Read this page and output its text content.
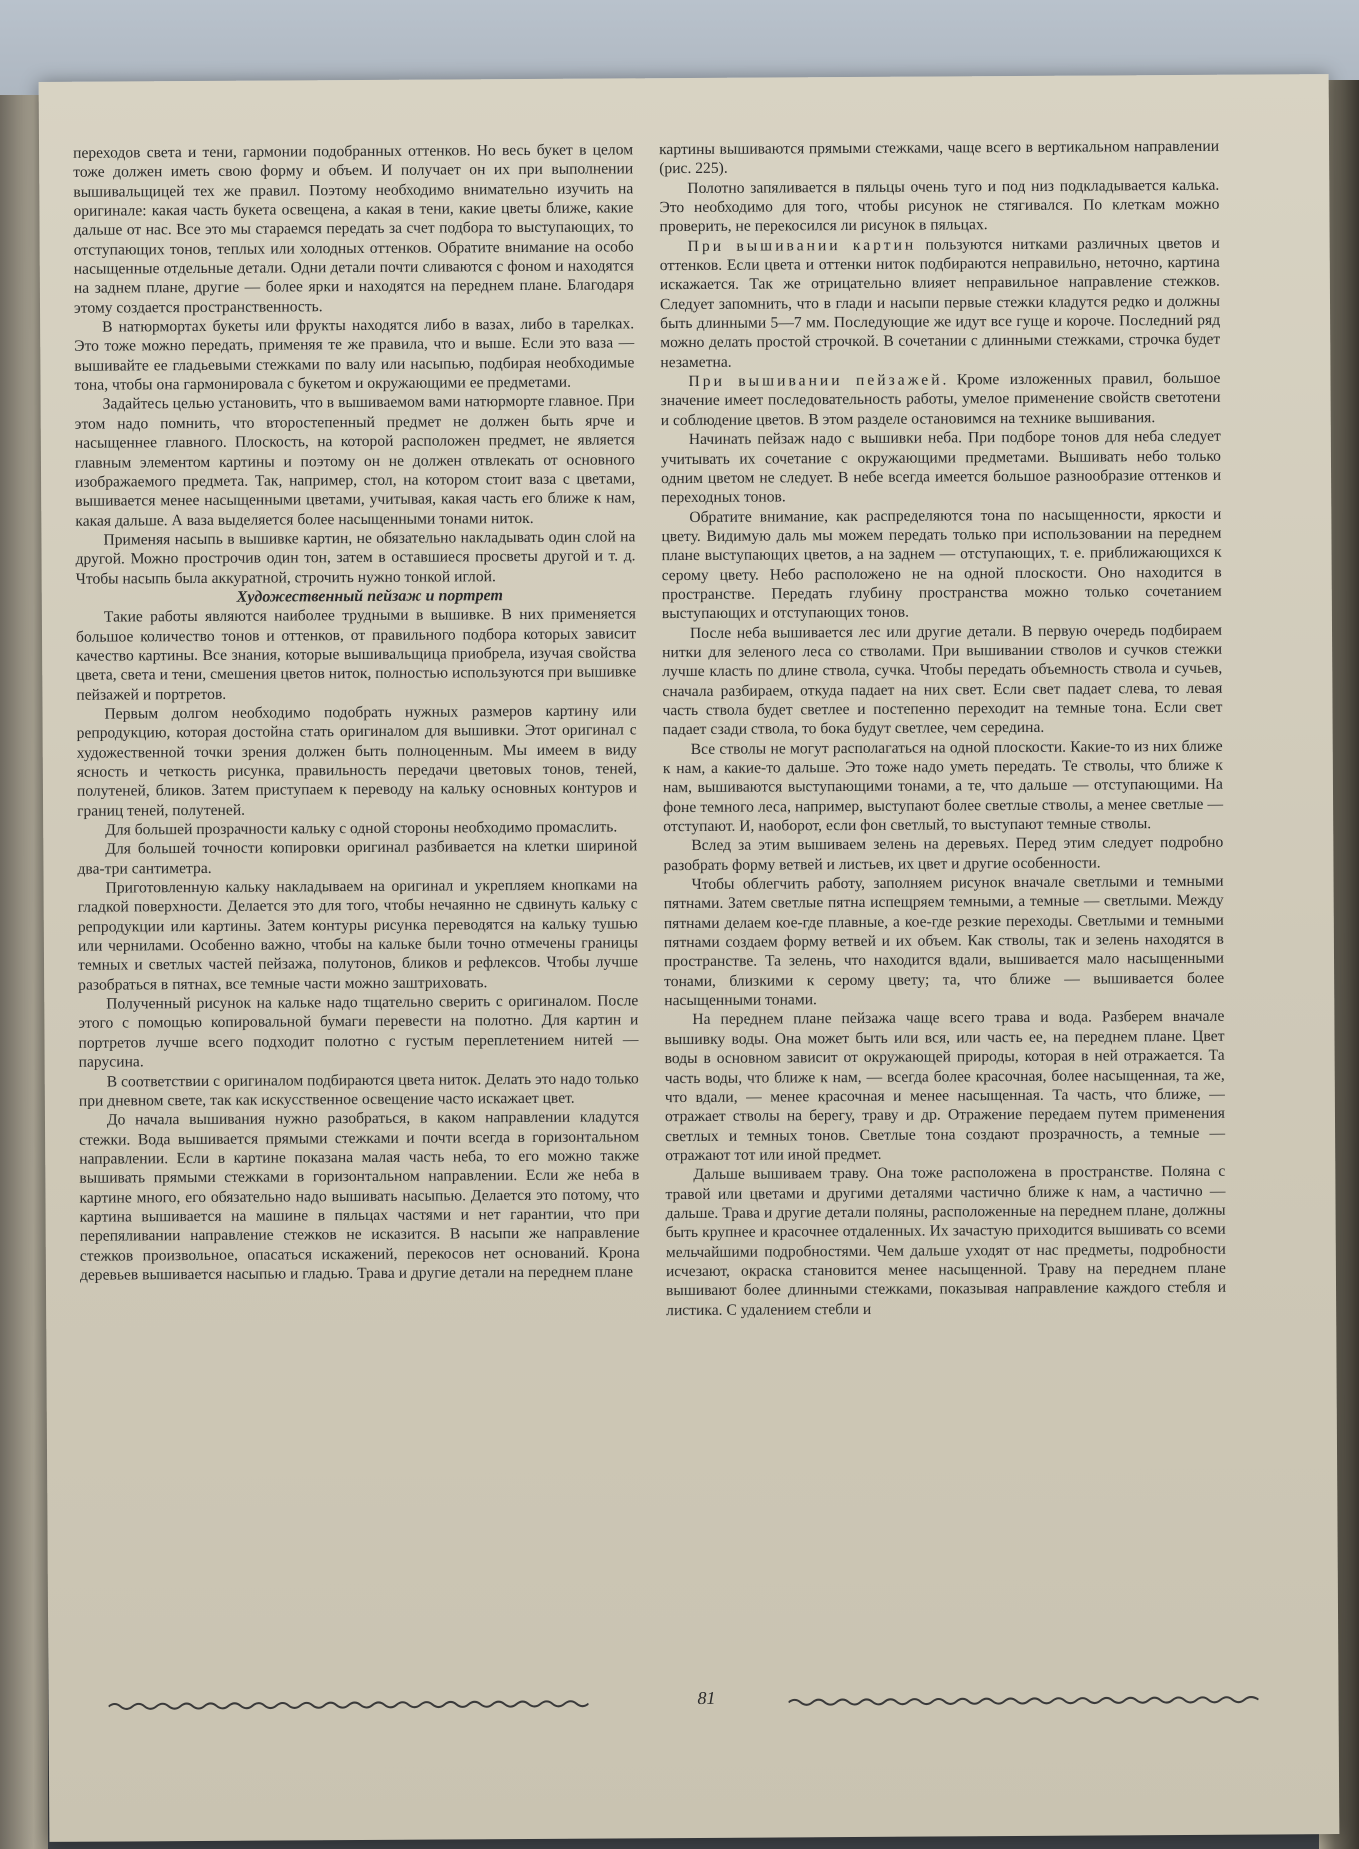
переходов света и тени, гармонии подобранных оттенков. Но весь букет в целом тоже должен иметь свою форму и объем. И получает он их при выполнении вышивальщицей тех же правил. Поэтому необходимо внимательно изучить на оригинале: какая часть букета освещена, а какая в тени, какие цветы ближе, какие дальше от нас. Все это мы стараемся передать за счет подбора то выступающих, то отступающих тонов, теплых или холодных оттенков. Обратите внимание на особо насыщенные отдельные детали. Одни детали почти сливаются с фоном и находятся на заднем плане, другие — более ярки и находятся на переднем плане. Благодаря этому создается пространственность.

В натюрмортах букеты или фрукты находятся либо в вазах, либо в тарелках. Это тоже можно передать, применяя те же правила, что и выше. Если это ваза — вышивайте ее гладьевыми стежками по валу или насыпью, подбирая необходимые тона, чтобы она гармонировала с букетом и окружающими ее предметами.

Задайтесь целью установить, что в вышиваемом вами натюрморте главное. При этом надо помнить, что второстепенный предмет не должен быть ярче и насыщеннее главного. Плоскость, на которой расположен предмет, не является главным элементом картины и поэтому он не должен отвлекать от основного изображаемого предмета. Так, например, стол, на котором стоит ваза с цветами, вышивается менее насыщенными цветами, учитывая, какая часть его ближе к нам, какая дальше. А ваза выделяется более насыщенными тонами ниток.

Применяя насыпь в вышивке картин, не обязательно накладывать один слой на другой. Можно прострочив один тон, затем в оставшиеся просветы другой и т. д. Чтобы насыпь была аккуратной, строчить нужно тонкой иглой.

Художественный пейзаж и портрет

Такие работы являются наиболее трудными в вышивке. В них применяется большое количество тонов и оттенков, от правильного подбора которых зависит качество картины. Все знания, которые вышивальщица приобрела, изучая свойства цвета, света и тени, смешения цветов ниток, полностью используются при вышивке пейзажей и портретов.

Первым долгом необходимо подобрать нужных размеров картину или репродукцию, которая достойна стать оригиналом для вышивки. Этот оригинал с художественной точки зрения должен быть полноценным. Мы имеем в виду ясность и четкость рисунка, правильность передачи цветовых тонов, теней, полутеней, бликов. Затем приступаем к переводу на кальку основных контуров и границ теней, полутеней.

Для большей прозрачности кальку с одной стороны необходимо промаслить.

Для большей точности копировки оригинал разбивается на клетки шириной два-три сантиметра.

Приготовленную кальку накладываем на оригинал и укрепляем кнопками на гладкой поверхности. Делается это для того, чтобы нечаянно не сдвинуть кальку с репродукции или картины. Затем контуры рисунка переводятся на кальку тушью или чернилами. Особенно важно, чтобы на кальке были точно отмечены границы темных и светлых частей пейзажа, полутонов, бликов и рефлексов. Чтобы лучше разобраться в пятнах, все темные части можно заштриховать.

Полученный рисунок на кальке надо тщательно сверить с оригиналом. После этого с помощью копировальной бумаги перевести на полотно. Для картин и портретов лучше всего подходит полотно с густым переплетением нитей — парусина.

В соответствии с оригиналом подбираются цвета ниток. Делать это надо только при дневном свете, так как искусственное освещение часто искажает цвет.

До начала вышивания нужно разобраться, в каком направлении кладутся стежки. Вода вышивается прямыми стежками и почти всегда в горизонтальном направлении. Если в картине показана малая часть неба, то его можно также вышивать прямыми стежками в горизонтальном направлении. Если же неба в картине много, его обязательно надо вышивать насыпью. Делается это потому, что картина вышивается на машине в пяльцах частями и нет гарантии, что при перепяливании направление стежков не исказится. В насыпи же направление стежков произвольное, опасаться искажений, перекосов нет оснований. Крона деревьев вышивается насыпью и гладью. Трава и другие детали на переднем плане

картины вышиваются прямыми стежками, чаще всего в вертикальном направлении (рис. 225).

Полотно запяливается в пяльцы очень туго и под низ подкладывается калька. Это необходимо для того, чтобы рисунок не стягивался. По клеткам можно проверить, не перекосился ли рисунок в пяльцах.

При вышивании картин пользуются нитками различных цветов и оттенков. Если цвета и оттенки ниток подбираются неправильно, неточно, картина искажается. Так же отрицательно влияет неправильное направление стежков. Следует запомнить, что в глади и насыпи первые стежки кладутся редко и должны быть длинными 5—7 мм. Последующие же идут все гуще и короче. Последний ряд можно делать простой строчкой. В сочетании с длинными стежками, строчка будет незаметна.

При вышивании пейзажей. Кроме изложенных правил, большое значение имеет последовательность работы, умелое применение свойств светотени и соблюдение цветов. В этом разделе остановимся на технике вышивания.

Начинать пейзаж надо с вышивки неба. При подборе тонов для неба следует учитывать их сочетание с окружающими предметами. Вышивать небо только одним цветом не следует. В небе всегда имеется большое разнообразие оттенков и переходных тонов.

Обратите внимание, как распределяются тона по насыщенности, яркости и цвету. Видимую даль мы можем передать только при использовании на переднем плане выступающих цветов, а на заднем — отступающих, т. е. приближающихся к серому цвету. Небо расположено не на одной плоскости. Оно находится в пространстве. Передать глубину пространства можно только сочетанием выступающих и отступающих тонов.

После неба вышивается лес или другие детали. В первую очередь подбираем нитки для зеленого леса со стволами. При вышивании стволов и сучков стежки лучше класть по длине ствола, сучка. Чтобы передать объемность ствола и сучьев, сначала разбираем, откуда падает на них свет. Если свет падает слева, то левая часть ствола будет светлее и постепенно переходит на темные тона. Если свет падает сзади ствола, то бока будут светлее, чем середина.

Все стволы не могут располагаться на одной плоскости. Какие-то из них ближе к нам, а какие-то дальше. Это тоже надо уметь передать. Те стволы, что ближе к нам, вышиваются выступающими тонами, а те, что дальше — отступающими. На фоне темного леса, например, выступают более светлые стволы, а менее светлые — отступают. И, наоборот, если фон светлый, то выступают темные стволы.

Вслед за этим вышиваем зелень на деревьях. Перед этим следует подробно разобрать форму ветвей и листьев, их цвет и другие особенности.

Чтобы облегчить работу, заполняем рисунок вначале светлыми и темными пятнами. Затем светлые пятна испещряем темными, а темные — светлыми. Между пятнами делаем кое-где плавные, а кое-где резкие переходы. Светлыми и темными пятнами создаем форму ветвей и их объем. Как стволы, так и зелень находятся в пространстве. Та зелень, что находится вдали, вышивается мало насыщенными тонами, близкими к серому цвету; та, что ближе — вышивается более насыщенными тонами.

На переднем плане пейзажа чаще всего трава и вода. Разберем вначале вышивку воды. Она может быть или вся, или часть ее, на переднем плане. Цвет воды в основном зависит от окружающей природы, которая в ней отражается. Та часть воды, что ближе к нам, — всегда более красочная, более насыщенная, та же, что вдали, — менее красочная и менее насыщенная. Та часть, что ближе, — отражает стволы на берегу, траву и др. Отражение передаем путем применения светлых и темных тонов. Светлые тона создают прозрачность, а темные — отражают тот или иной предмет.

Дальше вышиваем траву. Она тоже расположена в пространстве. Поляна с травой или цветами и другими деталями частично ближе к нам, а частично — дальше. Трава и другие детали поляны, расположенные на переднем плане, должны быть крупнее и красочнее отдаленных. Их зачастую приходится вышивать со всеми мельчайшими подробностями. Чем дальше уходят от нас предметы, подробности исчезают, окраска становится менее насыщенной. Траву на переднем плане вышивают более длинными стежками, показывая направление каждого стебля и листика. С удалением стебли и

81
